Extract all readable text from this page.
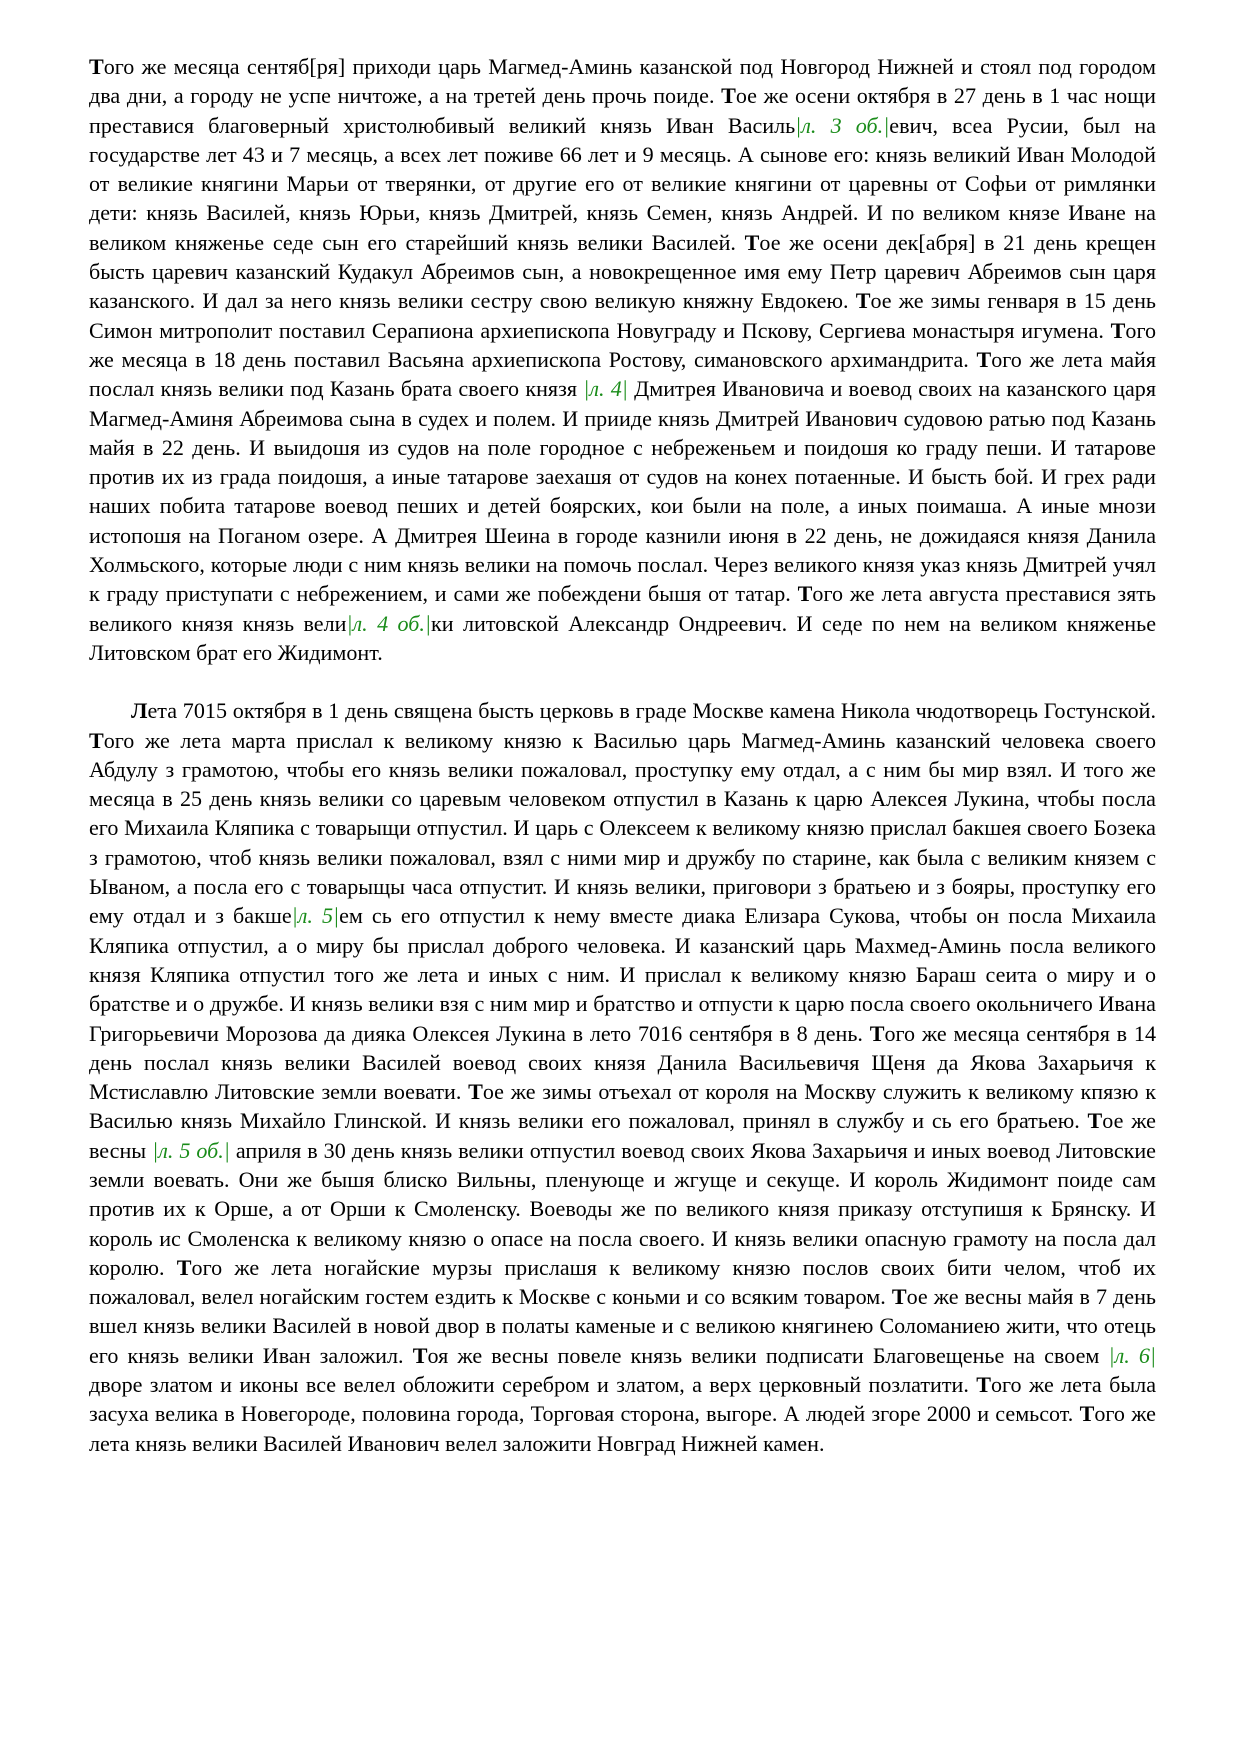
Того же месяца сентяб[ря] приходи царь Магмед-Аминь казанской под Новгород Нижней и стоял под городом два дни, а городу не успе ничтоже, а на третей день прочь поиде. Тое же осени октября в 27 день в 1 час нощи преставися благоверный христолюбивый великий князь Иван Василь|л. 3 об.|евич, всеа Русии, был на государстве лет 43 и 7 месяць, а всех лет поживе 66 лет и 9 месяць. А сынове его: князь великий Иван Молодой от великие княгини Марьи от тверянки, от другие его от великие княгини от царевны от Софьи от римлянки дети: князь Василей, князь Юрьи, князь Дмитрей, князь Семен, князь Андрей. И по великом князе Иване на великом княженье седе сын его старейший князь велики Василей. Тое же осени дек[абря] в 21 день крещен бысть царевич казанский Кудакул Абреимов сын, а новокрещенное имя ему Петр царевич Абреимов сын царя казанского. И дал за него князь велики сестру свою великую княжну Евдокею. Тое же зимы генваря в 15 день Симон митрополит поставил Серапиона архиепископа Новуграду и Пскову, Сергиева монастыря игумена. Того же месяца в 18 день поставил Васьяна архиепископа Ростову, симановского архимандрита. Того же лета майя послал князь велики под Казань брата своего князя |л. 4| Дмитрея Ивановича и воевод своих на казанского царя Магмед-Аминя Абреимова сына в судех и полем. И прииде князь Дмитрей Иванович судовою ратью под Казань майя в 22 день. И выидошя из судов на поле городное с небреженьем и поидошя ко граду пеши. И татарове против их из града поидошя, а иные татарове заехашя от судов на конех потаенные. И бысть бой. И грех ради наших побита татарове воевод пеших и детей боярских, кои были на поле, а иных поимаша. А иные мнози истопошя на Поганом озере. А Дмитрея Шеина в городе казнили июня в 22 день, не дожидаяся князя Данила Холмьского, которые люди с ним князь велики на помочь послал. Через великого князя указ князь Дмитрей учял к граду приступати с небрежением, и сами же побеждени бышя от татар. Того же лета августа преставися зять великого князя князь вели|л. 4 об.|ки литовской Александр Ондреевич. И седе по нем на великом княженье Литовском брат его Жидимонт.

Лета 7015 октября в 1 день священа бысть церковь в граде Москве камена Никола чюдотворець Гостунской. Того же лета марта прислал к великому князю к Василью царь Магмед-Аминь казанский человека своего Абдулу з грамотою, чтобы его князь велики пожаловал, проступку ему отдал, а с ним бы мир взял. И того же месяца в 25 день князь велики со царевым человеком отпустил в Казань к царю Алексея Лукина, чтобы посла его Михаила Кляпика с товарыщи отпустил. И царь с Олексеем к великому князю прислал бакшея своего Бозека з грамотою, чтоб князь велики пожаловал, взял с ними мир и дружбу по старине, как была с великим князем с Ываном, а посла его с товарыщы часа отпустит. И князь велики, приговори з братьею и з бояры, проступку его ему отдал и з бакше|л. 5|ем сь его отпустил к нему вместе диака Елизара Сукова, чтобы он посла Михаила Кляпика отпустил, а о миру бы прислал доброго человека. И казанский царь Махмед-Аминь посла великого князя Кляпика отпустил того же лета и иных с ним. И прислал к великому князю Бараш сеита о миру и о братстве и о дружбе. И князь велики взя с ним мир и братство и отпусти к царю посла своего окольничего Ивана Григорьевичи Морозова да дияка Олексея Лукина в лето 7016 сентября в 8 день. Того же месяца сентября в 14 день послал князь велики Василей воевод своих князя Данила Васильевичя Щеня да Якова Захарьичя к Мстиславлю Литовские земли воевати. Тое же зимы отъехал от короля на Москву служить к великому кпязю к Василью князь Михайло Глинской. И князь велики его пожаловал, принял в службу и сь его братьею. Тое же весны |л. 5 об.| априля в 30 день князь велики отпустил воевод своих Якова Захарьичя и иных воевод Литовские земли воевать. Они же бышя блиско Вильны, пленующе и жгуще и секуще. И король Жидимонт поиде сам против их к Орше, а от Орши к Смоленску. Воеводы же по великого князя приказу отступишя к Брянску. И король ис Смоленска к великому князю о опасе на посла своего. И князь велики опасную грамоту на посла дал королю. Того же лета ногайские мурзы прислашя к великому князю послов своих бити челом, чтоб их пожаловал, велел ногайским гостем ездить к Москве с коньми и со всяким товаром. Тое же весны майя в 7 день вшел князь велики Василей в новой двор в полаты каменые и с великою княгинею Соломаниею жити, что отець его князь велики Иван заложил. Тоя же весны повеле князь велики подписати Благовещенье на своем |л. 6| дворе златом и иконы все велел обложити серебром и златом, а верх церковный позлатити. Того же лета была засуха велика в Новегороде, половина города, Торговая сторона, выгоре. А людей згоре 2000 и семьсот. Того же лета князь велики Василей Иванович велел заложити Новград Нижней камен.
